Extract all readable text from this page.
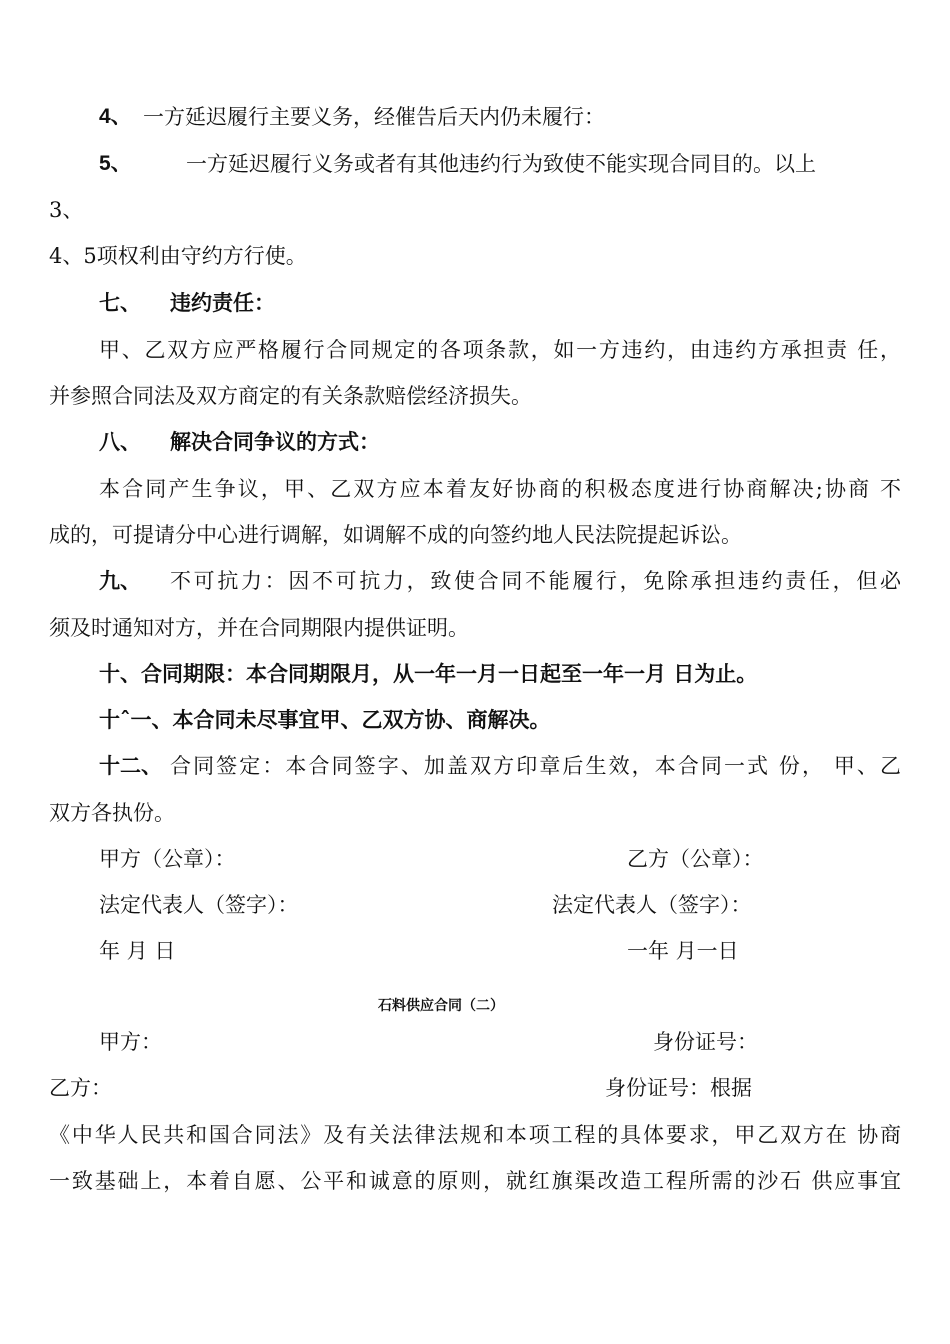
4、 一方延迟履行主要义务，经催告后天内仍未履行：
5、	一方延迟履行义务或者有其他违约行为致使不能实现合同目的。以上
3、
4、5项权利由守约方行使。
七、 违约责任：
甲、乙双方应严格履行合同规定的各项条款，如一方违约，由违约方承担责 任，
并参照合同法及双方商定的有关条款赔偿经济损失。
八、 解决合同争议的方式：
本合同产生争议，甲、乙双方应本着友好协商的积极态度进行协商解决;协商 不
成的，可提请分中心进行调解，如调解不成的向签约地人民法院提起诉讼。
九、 不可抗力：因不可抗力，致使合同不能履行，免除承担违约责任，但必
须及时通知对方，并在合同期限内提供证明。
十、合同期限：本合同期限月，从一年一月一日起至一年一月 日为止。
十ˆ一、本合同未尽事宜甲、乙双方协、商解决。
十二、 合同签定：本合同签字、加盖双方印章后生效，本合同一式 份， 甲、乙
双方各执份。
甲方（公章）：	乙方（公章）：
法定代表人（签字）：	法定代表人（签字）：
年 月 日	一年 月一日
石料供应合同（二）
甲方：	身份证号：
乙方：	身份证号：根据
《中华人民共和国合同法》及有关法律法规和本项工程的具体要求，甲乙双方在 协商
一致基础上，本着自愿、公平和诚意的原则，就红旗渠改造工程所需的沙石 供应事宜
